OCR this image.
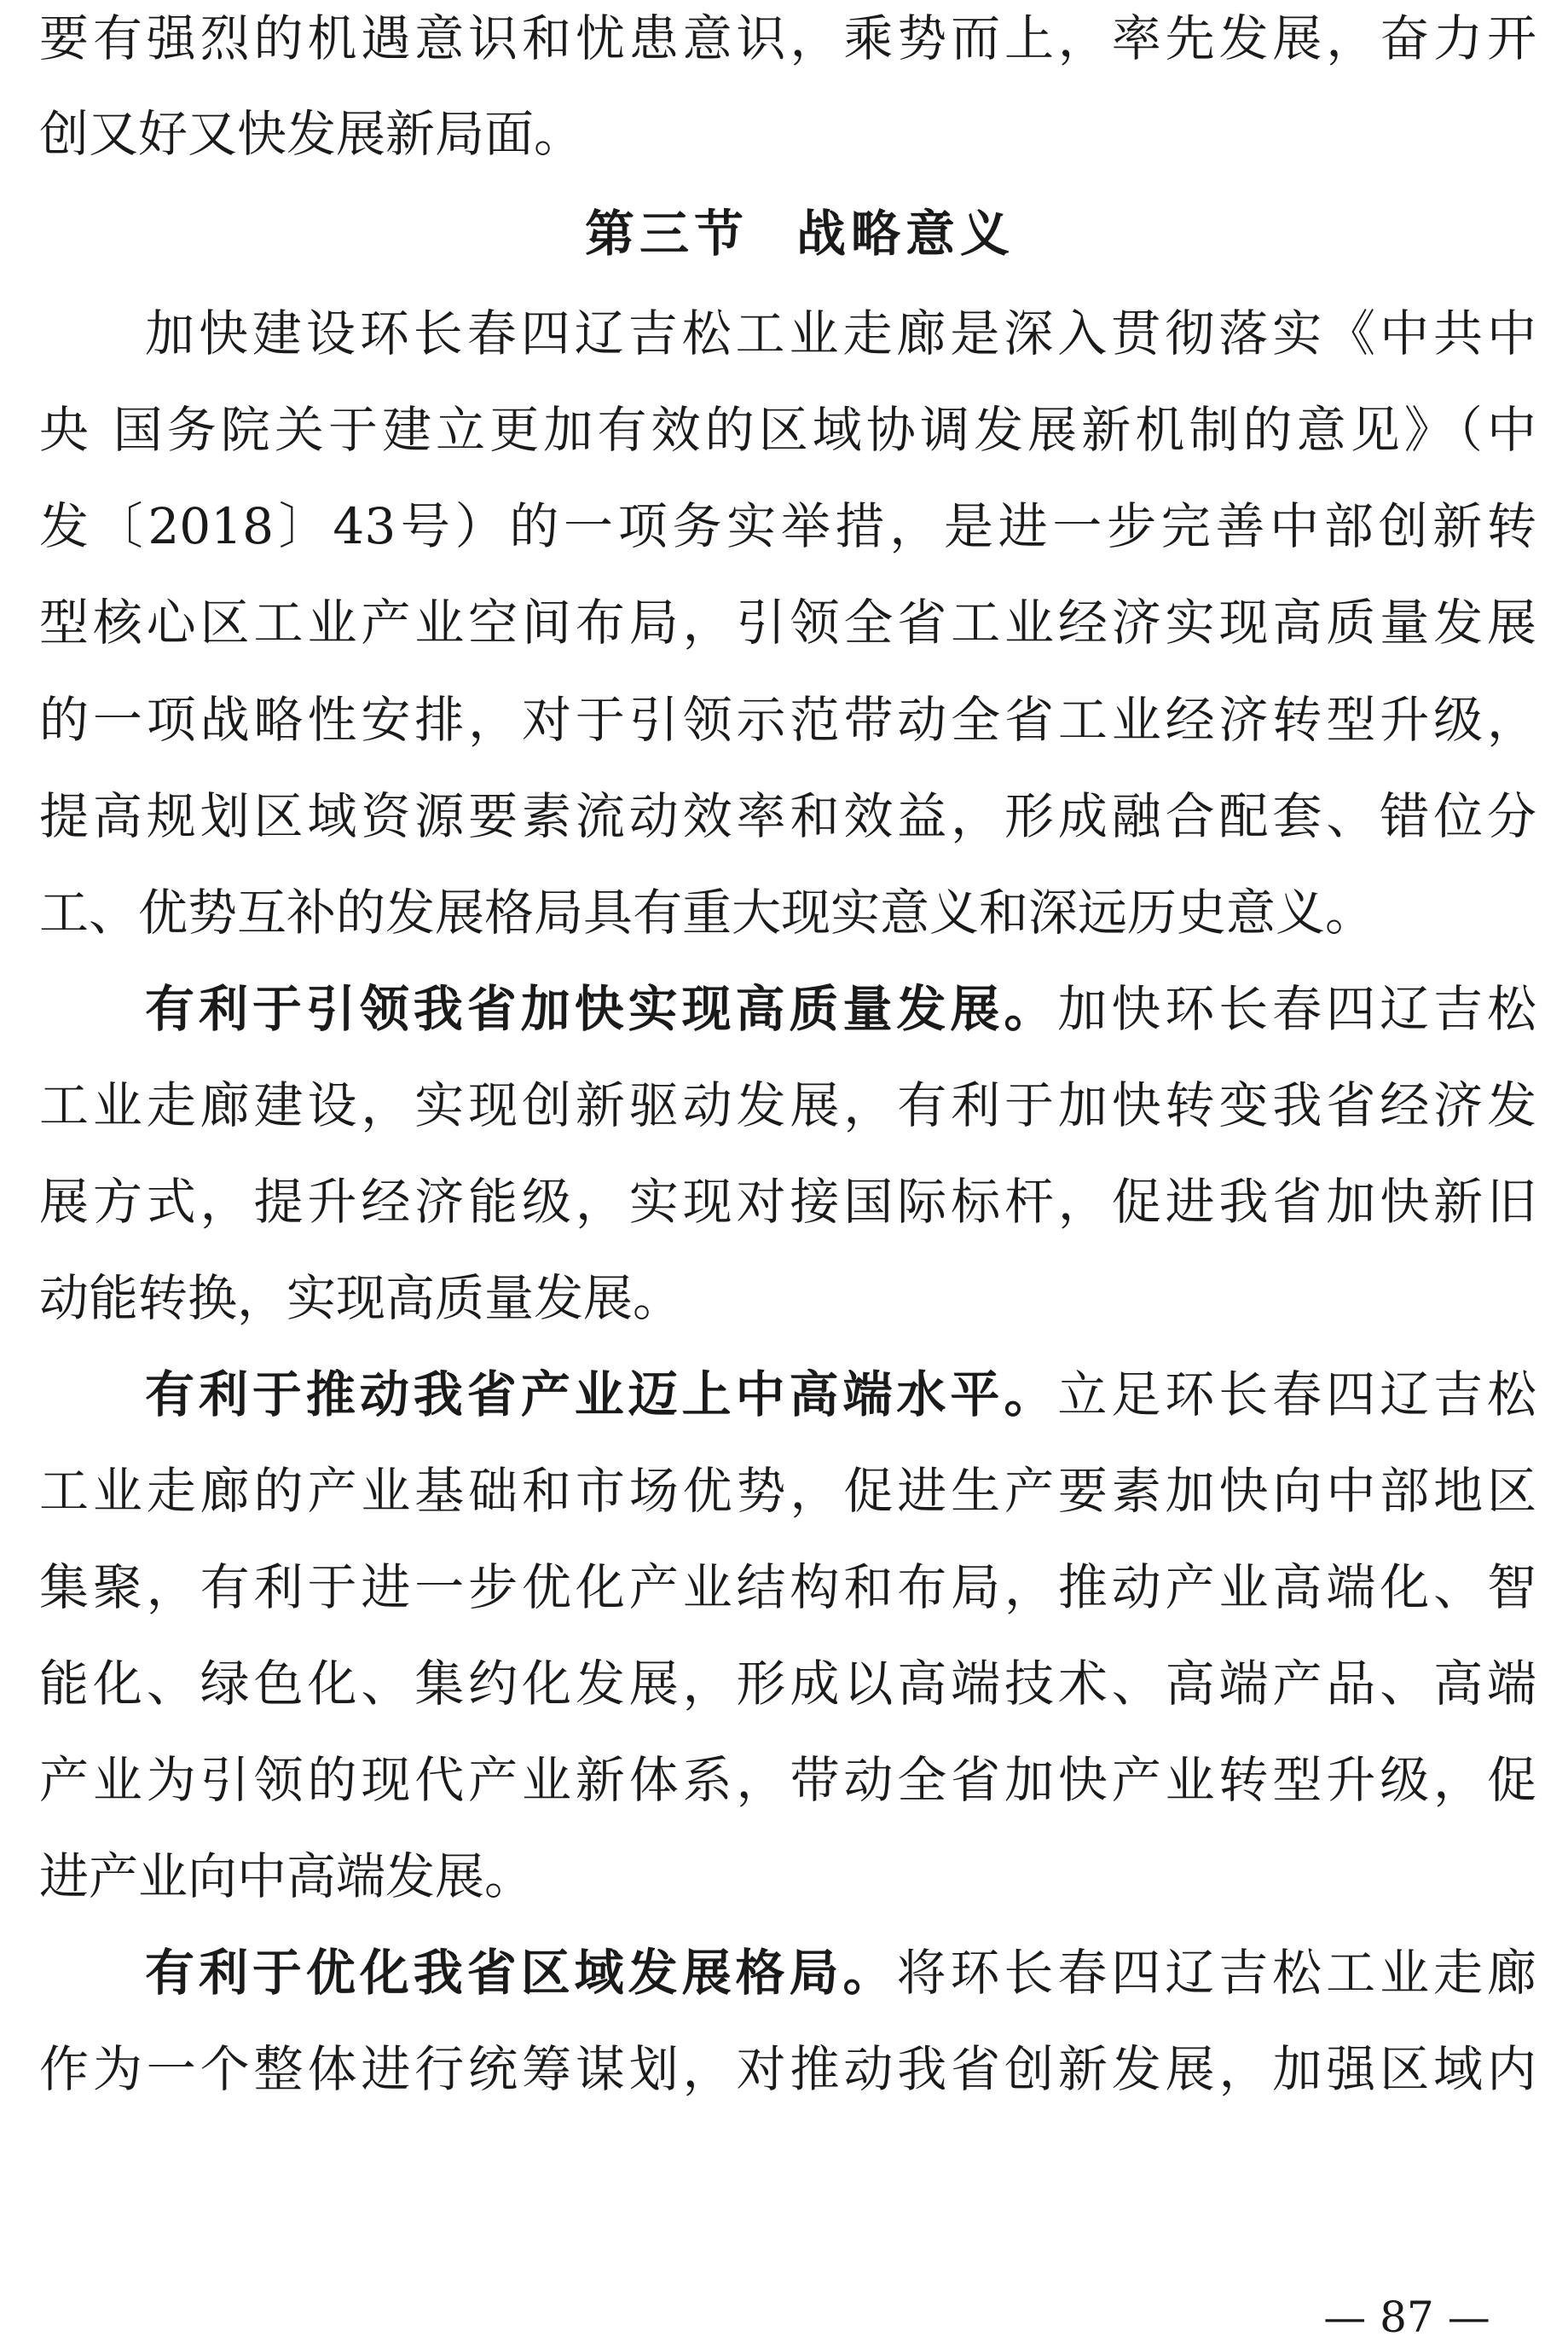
要有强烈的机遇意识和忧患意识，乘势而上，率先发展，奋力开
创又好又快发展新局面。
第三节 战略意义
加快建设环长春四辽吉松工业走廊是深入贯彻落实《中共中
央 国务院关于建立更加有效的区域协调发展新机制的意见》（中
发〔2018〕43号）的一项务实举措，是进一步完善中部创新转
型核心区工业产业空间布局，引领全省工业经济实现高质量发展
的一项战略性安排，对于引领示范带动全省工业经济转型升级，
提高规划区域资源要素流动效率和效益，形成融合配套、错位分
工、优势互补的发展格局具有重大现实意义和深远历史意义。
有利于引领我省加快实现高质量发展。加快环长春四辽吉松
工业走廊建设，实现创新驱动发展，有利于加快转变我省经济发
展方式，提升经济能级，实现对接国际标杆，促进我省加快新旧
动能转换，实现高质量发展。
有利于推动我省产业迈上中高端水平。立足环长春四辽吉松
工业走廊的产业基础和市场优势，促进生产要素加快向中部地区
集聚，有利于进一步优化产业结构和布局，推动产业高端化、智
能化、绿色化、集约化发展，形成以高端技术、高端产品、高端
产业为引领的现代产业新体系，带动全省加快产业转型升级，促
进产业向中高端发展。
有利于优化我省区域发展格局。将环长春四辽吉松工业走廊
作为一个整体进行统筹谋划，对推动我省创新发展，加强区域内
— 87 —
